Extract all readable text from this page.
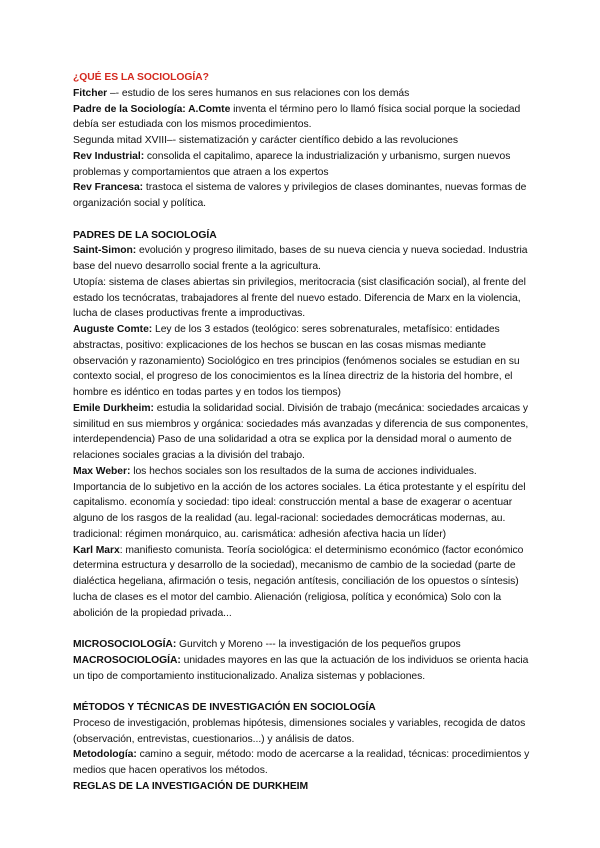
¿QUÉ ES LA SOCIOLOGÍA?

Fitcher –- estudio de los seres humanos en sus relaciones con los demás

Padre de la Sociología: A.Comte inventa el término pero lo llamó física social porque la sociedad debía ser estudiada con los mismos procedimientos.

Segunda mitad XVIII–- sistematización y carácter científico debido a las revoluciones

Rev Industrial: consolida el capitalimo, aparece la industrialización y urbanismo, surgen nuevos problemas y comportamientos que atraen a los expertos

Rev Francesa: trastoca el sistema de valores y privilegios de clases dominantes, nuevas formas de organización social y política.

PADRES DE LA SOCIOLOGÍA

Saint-Simon: evolución y progreso ilimitado, bases de su nueva ciencia y nueva sociedad. Industria base del nuevo desarrollo social frente a la agricultura.

Utopía: sistema de clases abiertas sin privilegios, meritocracia (sist clasificación social), al frente del estado los tecnócratas, trabajadores al frente del nuevo estado. Diferencia de Marx en la violencia, lucha de clases productivas frente a improductivas.

Auguste Comte: Ley de los 3 estados (teológico: seres sobrenaturales, metafísico: entidades abstractas, positivo: explicaciones de los hechos se buscan en las cosas mismas mediante observación y razonamiento) Sociológico en tres principios (fenómenos sociales se estudian en su contexto social, el progreso de los conocimientos es la línea directriz de la historia del hombre, el hombre es idéntico en todas partes y en todos los tiempos)

Emile Durkheim: estudia la solidaridad social. División de trabajo (mecánica: sociedades arcaicas y similitud en sus miembros y orgánica: sociedades más avanzadas y diferencia de sus componentes, interdependencia) Paso de una solidaridad a otra se explica por la densidad moral o aumento de relaciones sociales gracias a la división del trabajo.

Max Weber: los hechos sociales son los resultados de la suma de acciones individuales. Importancia de lo subjetivo en la acción de los actores sociales. La ética protestante y el espíritu del capitalismo. economía y sociedad: tipo ideal: construcción mental a base de exagerar o acentuar alguno de los rasgos de la realidad (au. legal-racional: sociedades democráticas modernas, au. tradicional: régimen monárquico, au. carismática: adhesión afectiva hacia un líder)

Karl Marx: manifiesto comunista. Teoría sociológica: el determinismo económico (factor económico determina estructura y desarrollo de la sociedad), mecanismo de cambio de la sociedad (parte de dialéctica hegeliana, afirmación o tesis, negación antítesis, conciliación de los opuestos o síntesis) lucha de clases es el motor del cambio. Alienación (religiosa, política y económica) Solo con la abolición de la propiedad privada...

MICROSOCIOLOGÍA: Gurvitch y Moreno --- la investigación de los pequeños grupos

MACROSOCIOLOGÍA: unidades mayores en las que la actuación de los individuos se orienta hacia un tipo de comportamiento institucionalizado. Analiza sistemas y poblaciones.

MÉTODOS Y TÉCNICAS DE INVESTIGACIÓN EN SOCIOLOGÍA

Proceso de investigación, problemas hipótesis, dimensiones sociales y variables, recogida de datos (observación, entrevistas, cuestionarios...) y análisis de datos.

Metodología: camino a seguir, método: modo de acercarse a la realidad, técnicas: procedimientos y medios que hacen operativos los métodos.

REGLAS DE LA INVESTIGACIÓN DE DURKHEIM
